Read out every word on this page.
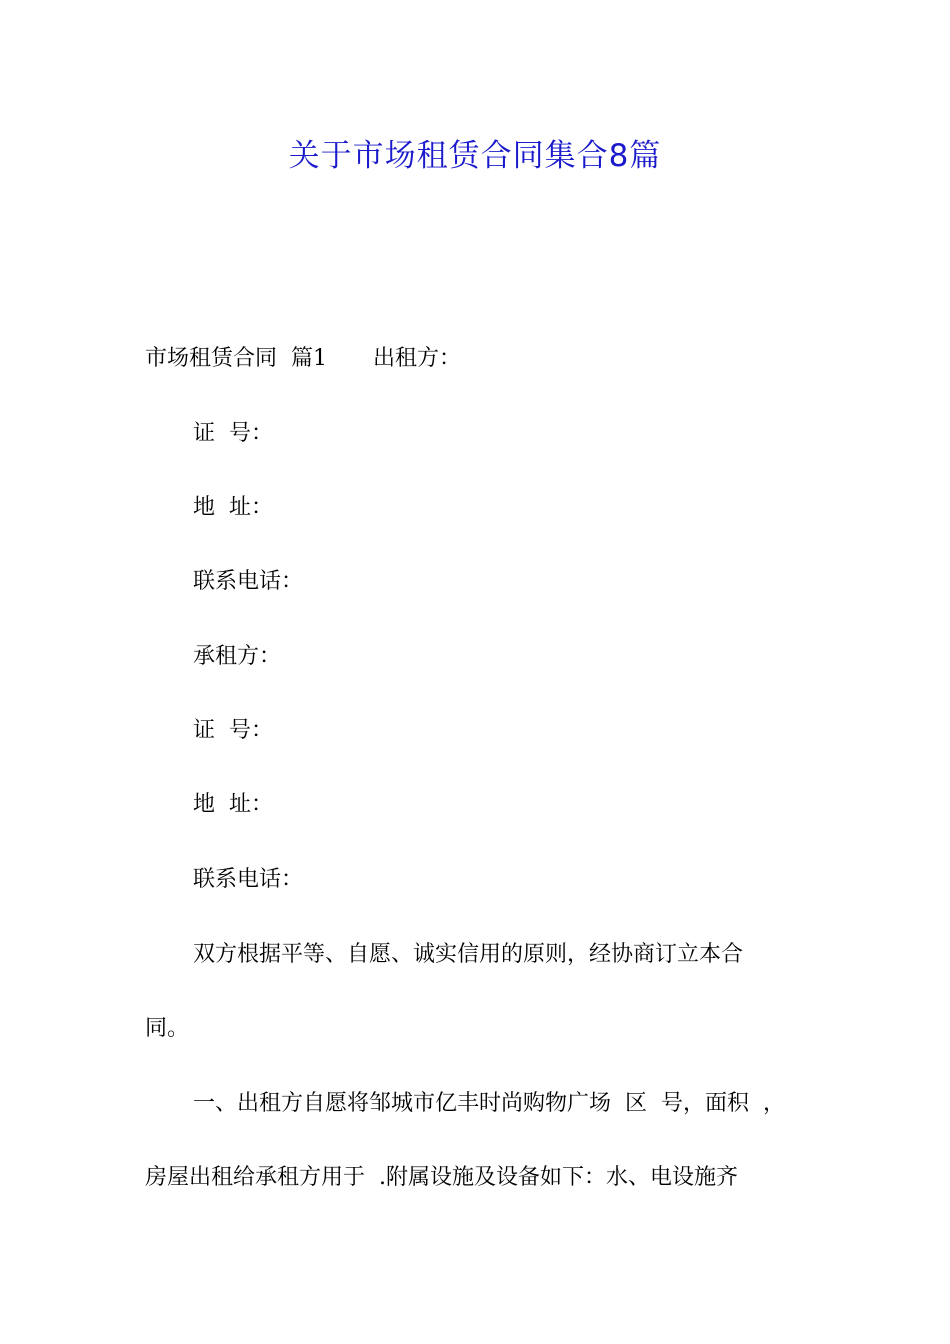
关于市场租赁合同集合8篇
市场租赁合同  篇1 出租方：
证  号：
地  址：
联系电话：
承租方：
证  号：
地  址：
联系电话：
双方根据平等、自愿、诚实信用的原则，经协商订立本合
同。
一、出租方自愿将邹城市亿丰时尚购物广场  区  号，面积  ，
房屋出租给承租方用于  .附属设施及设备如下：水、电设施齐
